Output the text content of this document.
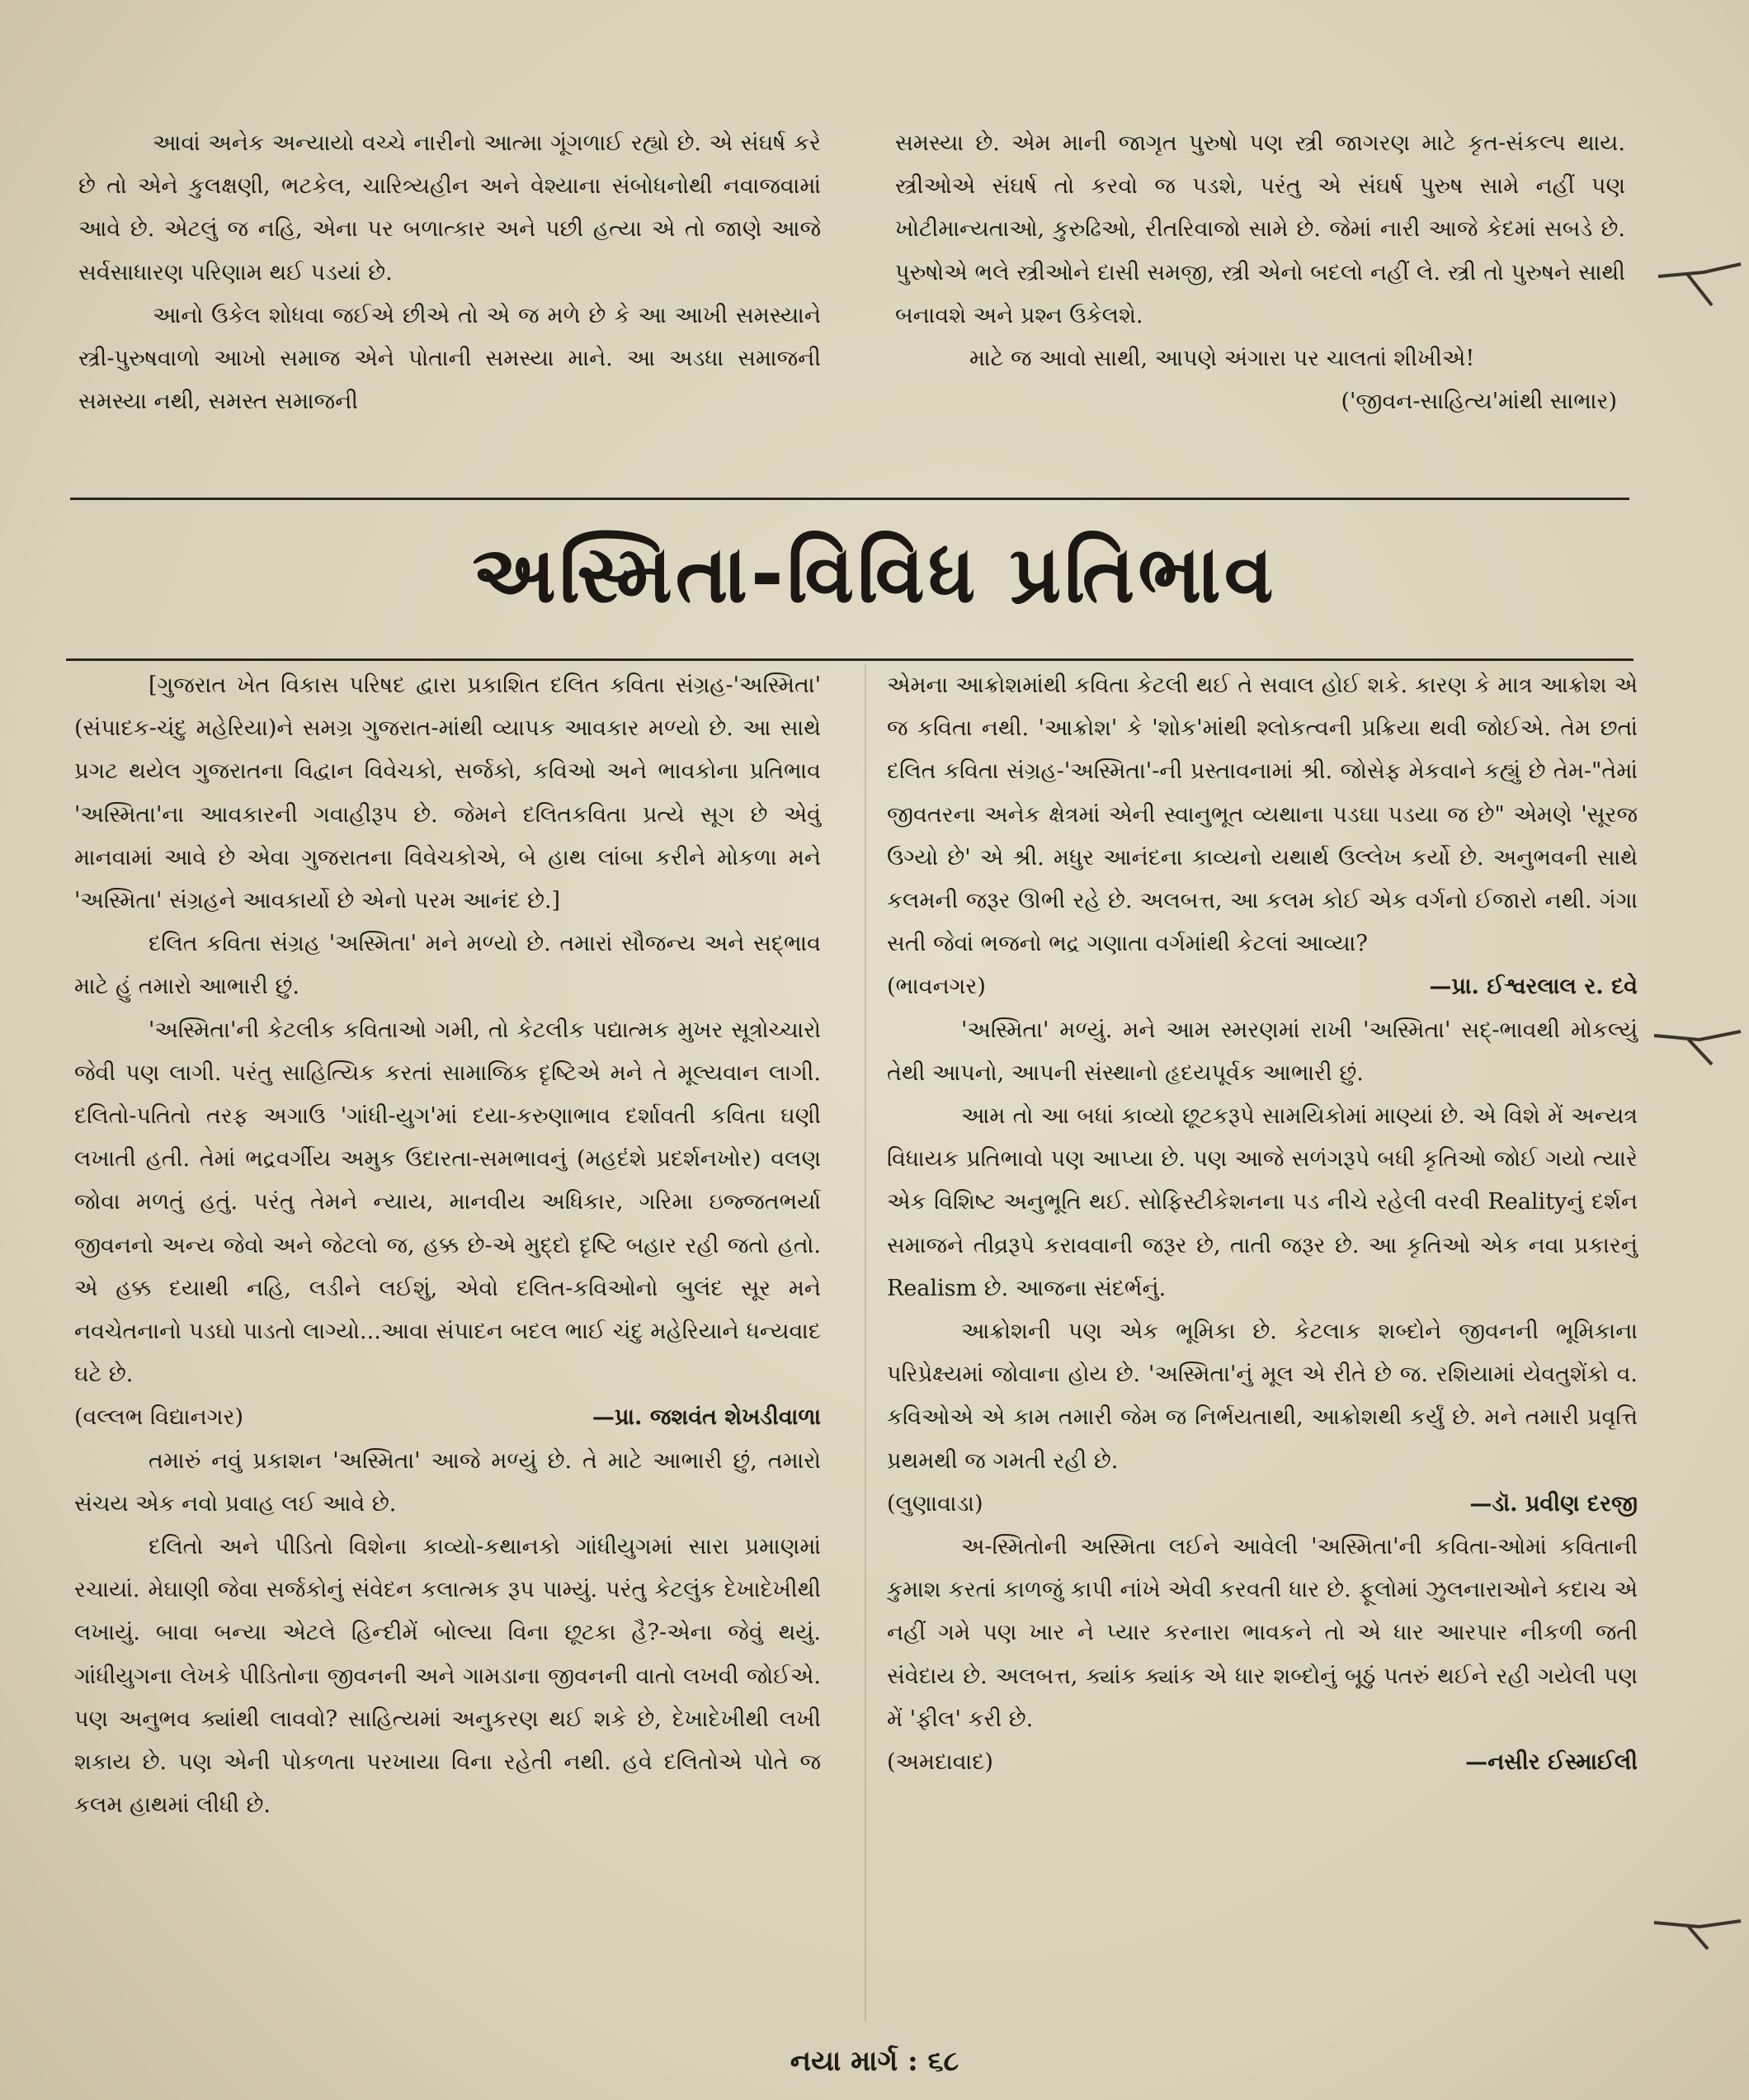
આવાં અનેક અન્યાયો વચ્ચે નારીનો આત્મા ગૂંગળાઈ રહ્યો છે. એ સંઘર્ષ કરે છે તો એને કુલક્ષણી, ભટકેલ, ચારિત્ર્યહીન અને વેશ્યાના સંબોધનોથી નવાજવામાં આવે છે. એટલું જ નહિ, એના પર બળાત્કાર અને પછી હત્યા એ તો જાણે આજે સર્વસાધારણ પરિણામ થઈ પડયાં છે.

આનો ઉકેલ શોધવા જઈએ છીએ તો એ જ મળે છે કે આ આખી સમસ્યાને સ્ત્રી-પુરુષવાળો આખો સમાજ એને પોતાની સમસ્યા માને. આ અડધા સમાજની સમસ્યા નથી, સમસ્ત સમાજની

સમસ્યા છે. એમ માની જાગૃત પુરુષો પણ સ્ત્રી જાગરણ માટે કૃત-સંકલ્પ થાય. સ્ત્રીઓએ સંઘર્ષ તો કરવો જ પડશે, પરંતુ એ સંઘર્ષ પુરુષ સામે નહીં પણ ખોટીમાન્યતાઓ, કુરુઢિઓ, રીતરિવાજો સામે છે. જેમાં નારી આજે કેદમાં સબડે છે. પુરુષોએ ભલે સ્ત્રીઓને દાસી સમજી, સ્ત્રી એનો બદલો નહીં લે. સ્ત્રી તો પુરુષને સાથી બનાવશે અને પ્રશ્ન ઉકેલશે.

માટે જ આવો સાથી, આપણે અંગારા પર ચાલતાં શીખીએ!

('જીવન-સાહિત્ય'માંથી સાભાર)

અસ્મિતા-વિવિધ પ્રતિભાવ

[ગુજરાત ખેત વિકાસ પરિષદ દ્વારા પ્રકાશિત દલિત કવિતા સંગ્રહ-'અસ્મિતા' (સંપાદક-ચંદુ મહેરિયા)ને સમગ્ર ગુજરાત-માંથી વ્યાપક આવકાર મળ્યો છે. આ સાથે પ્રગટ થયેલ ગુજરાતના વિદ્વાન વિવેચકો, સર્જકો, કવિઓ અને ભાવકોના પ્રતિભાવ 'અસ્મિતા'ના આવકારની ગવાહીરૂપ છે. જેમને દલિતકવિતા પ્રત્યે સૂગ છે એવું માનવામાં આવે છે એવા ગુજરાતના વિવેચકોએ, બે હાથ લાંબા કરીને મોકળા મને 'અસ્મિતા' સંગ્રહને આવકાર્યો છે એનો પરમ આનંદ છે.]

દલિત કવિતા સંગ્રહ 'અસ્મિતા' મને મળ્યો છે. તમારાં સૌજન્ય અને સદ્ભાવ માટે હું તમારો આભારી છું.

'અસ્મિતા'ની કેટલીક કવિતાઓ ગમી, તો કેટલીક પદ્યાત્મક મુખર સૂત્રોચ્ચારો જેવી પણ લાગી. પરંતુ સાહિત્યિક કરતાં સામાજિક દૃષ્ટિએ મને તે મૂલ્યવાન લાગી. દલિતો-પતિતો તરફ અગાઉ 'ગાંધી-યુગ'માં દયા-કરુણાભાવ દર્શાવતી કવિતા ઘણી લખાતી હતી. તેમાં ભદ્રવર્ગીય અમુક ઉદારતા-સમભાવનું (મહદંશે પ્રદર્શનખોર) વલણ જોવા મળતું હતું. પરંતુ તેમને ન્યાય, માનવીય અધિકાર, ગરિમા ઇજ્જતભર્યા જીવનનો અન્ય જેવો અને જેટલો જ, હક્ક છે-એ મુદ્દો દૃષ્ટિ બહાર રહી જતો હતો. એ હક્ક દયાથી નહિ, લડીને લઈશું, એવો દલિત-કવિઓનો બુલંદ સૂર મને નવચેતનાનો પડઘો પાડતો લાગ્યો...આવા સંપાદન બદલ ભાઈ ચંદુ મહેરિયાને ધન્યવાદ ઘટે છે.

(વલ્લભ વિદ્યાનગર)	—પ્રા. જશવંત શેખડીવાળા

તમારું નવું પ્રકાશન 'અસ્મિતા' આજે મળ્યું છે. તે માટે આભારી છું, તમારો સંચય એક નવો પ્રવાહ લઈ આવે છે.

દલિતો અને પીડિતો વિશેના કાવ્યો-કથાનકો ગાંધીયુગમાં સારા પ્રમાણમાં રચાયાં. મેઘાણી જેવા સર્જકોનું સંવેદન કલાત્મક રૂપ પામ્યું. પરંતુ કેટલુંક દેખાદેખીથી લખાયું. બાવા બન્યા એટલે હિન્દીમેં બોલ્યા વિના છૂટકા હૈ?-એના જેવું થયું. ગાંધીયુગના લેખકે પીડિતોના જીવનની અને ગામડાના જીવનની વાતો લખવી જોઈએ. પણ અનુભવ ક્યાંથી લાવવો? સાહિત્યમાં અનુકરણ થઈ શકે છે, દેખાદેખીથી લખી શકાય છે. પણ એની પોકળતા પરખાયા વિના રહેતી નથી. હવે દલિતોએ પોતે જ કલમ હાથમાં લીધી છે.

એમના આક્રોશમાંથી કવિતા કેટલી થઈ તે સવાલ હોઈ શકે. કારણ કે માત્ર આક્રોશ એ જ કવિતા નથી. 'આક્રોશ' કે 'શોક'માંથી શ્લોકત્વની પ્રક્રિયા થવી જોઈએ. તેમ છતાં દલિત કવિતા સંગ્રહ-'અસ્મિતા'-ની પ્રસ્તાવનામાં શ્રી. જોસેફ મેકવાને કહ્યું છે તેમ-"તેમાં જીવતરના અનેક ક્ષેત્રમાં એની સ્વાનુભૂત વ્યથાના પડઘા પડયા જ છે" એમણે 'સૂરજ ઉગ્યો છે' એ શ્રી. મધુર આનંદના કાવ્યનો યથાર્થ ઉલ્લેખ કર્યો છે. અનુભવની સાથે કલમની જરૂર ઊભી રહે છે. અલબત્ત, આ કલમ કોઈ એક વર્ગનો ઈજારો નથી. ગંગા સતી જેવાં ભજનો ભદ્ર ગણાતા વર્ગમાંથી કેટલાં આવ્યા?

(ભાવનગર)	—પ્રા. ઈશ્વરલાલ ર. દવે

'અસ્મિતા' મળ્યું. મને આમ સ્મરણમાં રાખી 'અસ્મિતા' સદ્-ભાવથી મોકલ્યું તેથી આપનો, આપની સંસ્થાનો હૃદયપૂર્વક આભારી છું.

આમ તો આ બધાં કાવ્યો છૂટકરૂપે સામયિકોમાં માણ્યાં છે. એ વિશે મેં અન્યત્ર વિધાયક પ્રતિભાવો પણ આપ્યા છે. પણ આજે સળંગરૂપે બધી કૃતિઓ જોઈ ગયો ત્યારે એક વિશિષ્ટ અનુભૂતિ થઈ. સોફિસ્ટીકેશનના પડ નીચે રહેલી વરવી Realityનું દર્શન સમાજને તીવ્રરૂપે કરાવવાની જરૂર છે, તાતી જરૂર છે. આ કૃતિઓ એક નવા પ્રકારનું Realism છે. આજના સંદર્ભનું.

આક્રોશની પણ એક ભૂમિકા છે. કેટલાક શબ્દોને જીવનની ભૂમિકાના પરિપ્રેક્ષ્યમાં જોવાના હોય છે. 'અસ્મિતા'નું મૂલ એ રીતે છે જ. રશિયામાં યેવતુશેંકો વ. કવિઓએ એ કામ તમારી જેમ જ નિર્ભયતાથી, આક્રોશથી કર્યું છે. મને તમારી પ્રવૃત્તિ પ્રથમથી જ ગમતી રહી છે.

(લુણાવાડા)	—ડૉ. પ્રવીણ દરજી

અ-સ્મિતોની અસ્મિતા લઈને આવેલી 'અસ્મિતા'ની કવિતા-ઓમાં કવિતાની કુમાશ કરતાં કાળજું કાપી નાંખે એવી કરવતી ધાર છે. ફૂલોમાં ઝુલનારાઓને કદાચ એ નહીં ગમે પણ ખાર ને પ્યાર કરનારા ભાવકને તો એ ધાર આરપાર નીકળી જતી સંવેદાય છે. અલબત્ત, ક્યાંક ક્યાંક એ ધાર શબ્દોનું બૂઠું પતરું થઈને રહી ગયેલી પણ મેં 'ફીલ' કરી છે.

(અમદાવાદ)	—નસીર ઈસ્માઈલી
નયા માર્ગ : ૬૮
